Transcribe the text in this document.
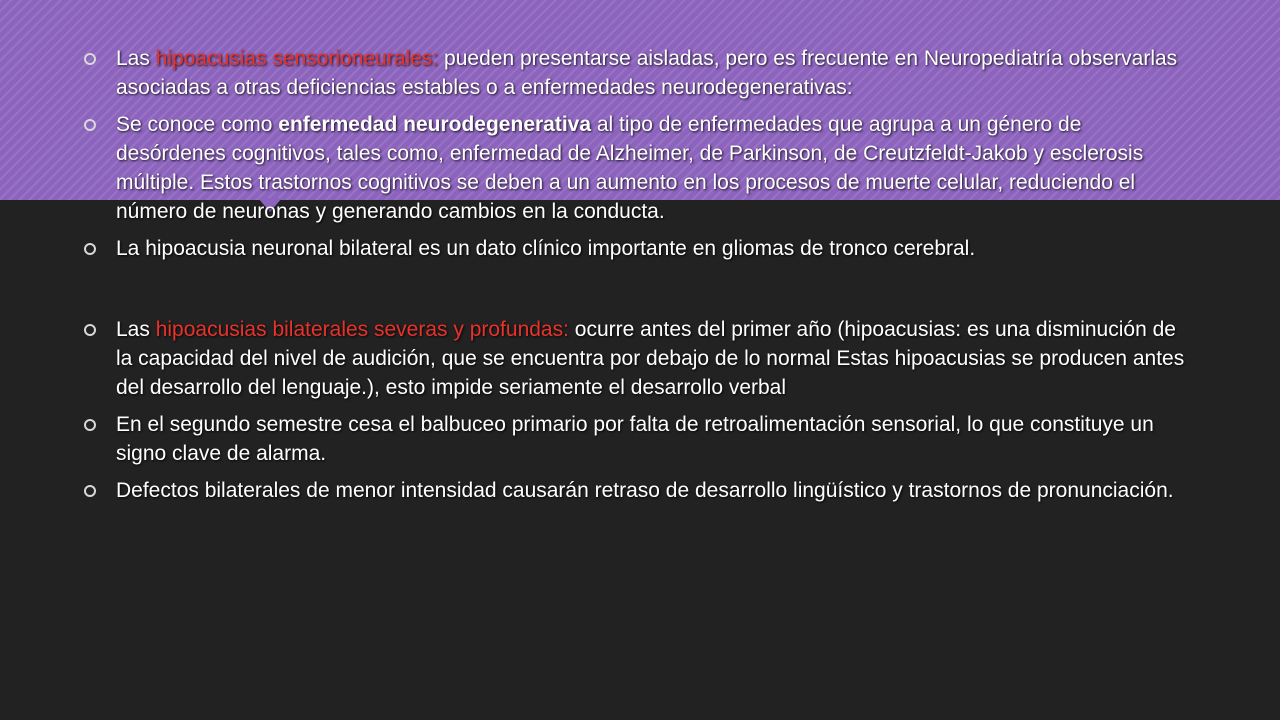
Las hipoacusias sensorioneurales: pueden presentarse aisladas, pero es frecuente en Neuropediatría observarlas asociadas a otras deficiencias estables o a enfermedades neurodegenerativas:

Se conoce como enfermedad neurodegenerativa al tipo de enfermedades que agrupa a un género de desórdenes cognitivos, tales como, enfermedad de Alzheimer, de Parkinson, de Creutzfeldt-Jakob y esclerosis múltiple. Estos trastornos cognitivos se deben a un aumento en los procesos de muerte celular, reduciendo el número de neuronas y generando cambios en la conducta.

La hipoacusia neuronal bilateral es un dato clínico importante en gliomas de tronco cerebral.

Las hipoacusias bilaterales severas y profundas: ocurre antes del primer año (hipoacusias: es una disminución de la capacidad del nivel de audición, que se encuentra por debajo de lo normal Estas hipoacusias se producen antes del desarrollo del lenguaje.), esto impide seriamente el desarrollo verbal

En el segundo semestre cesa el balbuceo primario por falta de retroalimentación sensorial, lo que constituye un signo clave de alarma.

Defectos bilaterales de menor intensidad causarán retraso de desarrollo lingüístico y trastornos de pronunciación.
